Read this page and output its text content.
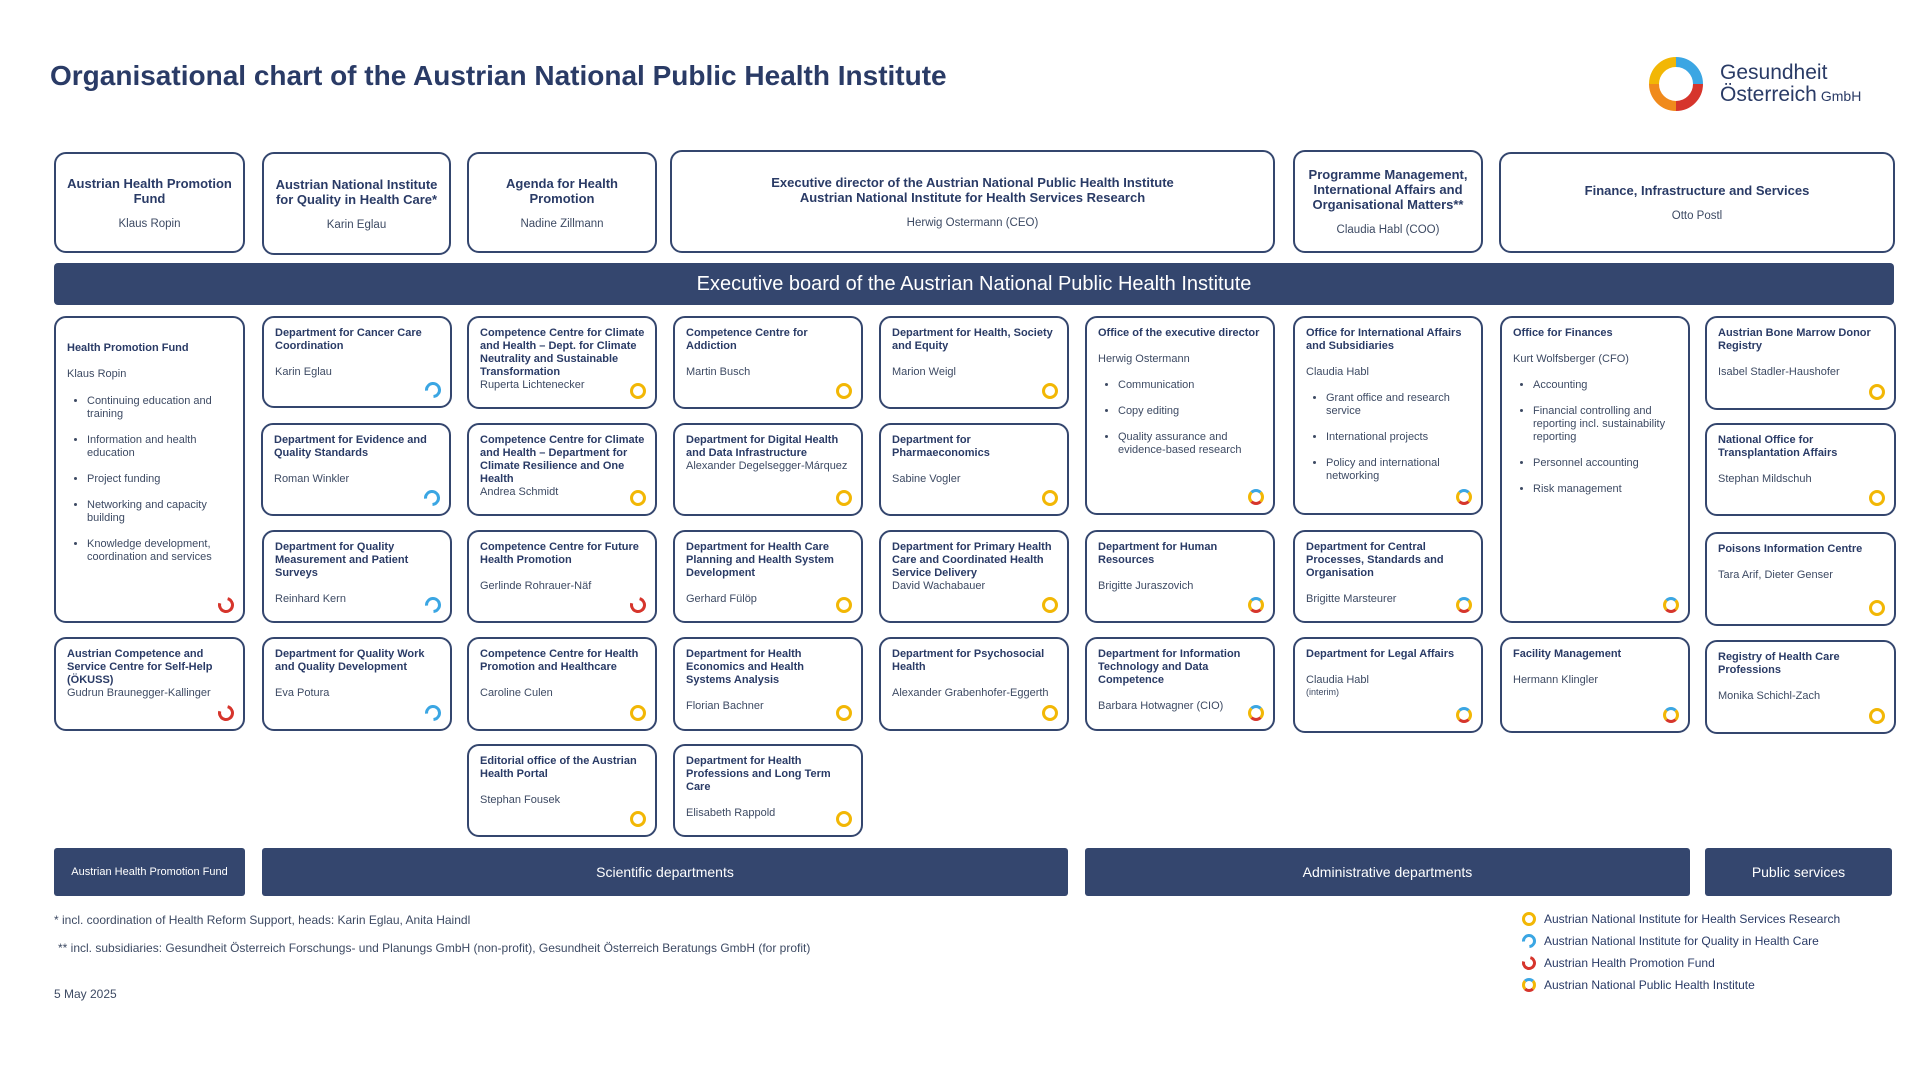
Organisational chart of the Austrian National Public Health Institute	Gesundheit
Österreich GmbH
Austrian Health Promotion Fund
Klaus Ropin
Austrian National Institute for Quality in Health Care*
Karin Eglau
Agenda for Health Promotion
Nadine Zillmann
Executive director of the Austrian National Public Health Institute
Austrian National Institute for Health Services Research
Herwig Ostermann (CEO)
Programme Management, International Affairs and Organisational Matters**
Claudia Habl (COO)
Finance, Infrastructure and Services
Otto Postl
Executive board of the Austrian National Public Health Institute
Health Promotion Fund
Klaus Ropin
• Continuing education and training
• Information and health education
• Project funding
• Networking and capacity building
• Knowledge development, coordination and services
Austrian Competence and Service Centre for Self-Help (ÖKUSS)
Gudrun Braunegger-Kallinger
Department for Cancer Care Coordination
Karin Eglau
Department for Evidence and Quality Standards
Roman Winkler
Department for Quality Measurement and Patient Surveys
Reinhard Kern
Department for Quality Work and Quality Development
Eva Potura
Competence Centre for Climate and Health – Dept. for Climate Neutrality and Sustainable Transformation
Ruperta Lichtenecker
Competence Centre for Climate and Health – Department for Climate Resilience and One Health
Andrea Schmidt
Competence Centre for Future Health Promotion
Gerlinde Rohrauer-Näf
Competence Centre for Health Promotion and Healthcare
Caroline Culen
Editorial office of the Austrian Health Portal
Stephan Fousek
Competence Centre for Addiction
Martin Busch
Department for Digital Health and Data Infrastructure
Alexander Degelsegger-Márquez
Department for Health Care Planning and Health System Development
Gerhard Fülöp
Department for Health Economics and Health Systems Analysis
Florian Bachner
Department for Health Professions and Long Term Care
Elisabeth Rappold
Department for Health, Society and Equity
Marion Weigl
Department for Pharmaeconomics
Sabine Vogler
Department for Primary Health Care and Coordinated Health Service Delivery
David Wachabauer
Department for Psychosocial Health
Alexander Grabenhofer-Eggerth
Office of the executive director
Herwig Ostermann
• Communication
• Copy editing
• Quality assurance and evidence-based research
Department for Human Resources
Brigitte Juraszovich
Department for Information Technology and Data Competence
Barbara Hotwagner (CIO)
Office for International Affairs and Subsidiaries
Claudia Habl
• Grant office and research service
• International projects
• Policy and international networking
Department for Central Processes, Standards and Organisation
Brigitte Marsteurer
Department for Legal Affairs
Claudia Habl
(interim)
Office for Finances
Kurt Wolfsberger (CFO)
• Accounting
• Financial controlling and reporting incl. sustainability reporting
• Personnel accounting
• Risk management
Facility Management
Hermann Klingler
Austrian Bone Marrow Donor Registry
Isabel Stadler-Haushofer
National Office for Transplantation Affairs
Stephan Mildschuh
Poisons Information Centre
Tara Arif, Dieter Genser
Registry of Health Care Professions
Monika Schichl-Zach
Austrian Health Promotion Fund	Scientific departments	Administrative departments	Public services
* incl. coordination of Health Reform Support, heads: Karin Eglau, Anita Haindl
** incl. subsidiaries: Gesundheit Österreich Forschungs- und Planungs GmbH (non-profit), Gesundheit Österreich Beratungs GmbH (for profit)
5 May 2025
Austrian National Institute for Health Services Research
Austrian National Institute for Quality in Health Care
Austrian Health Promotion Fund
Austrian National Public Health Institute
